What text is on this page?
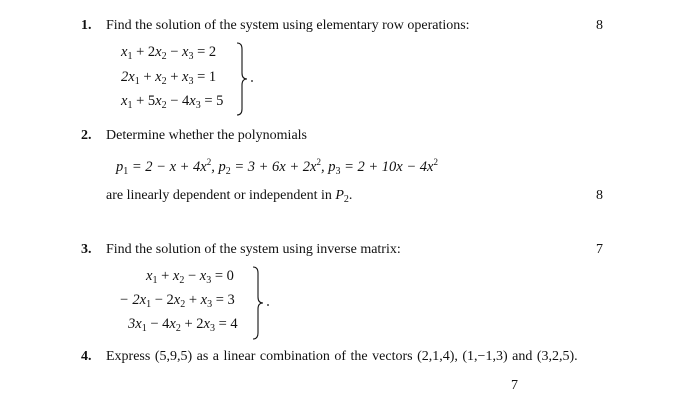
1. Find the solution of the system using elementary row operations:	8
$x_1 + 2x_2 - x_3 = 2$
$2x_1 + x_2 + x_3 = 1$
$x_1 + 5x_2 - 4x_3 = 5$
2. Determine whether the polynomials
$p_1 = 2 - x + 4x^2$, $p_2 = 3 + 6x + 2x^2$, $p_3 = 2 + 10x - 4x^2$
are linearly dependent or independent in $P_2$.	8
3. Find the solution of the system using inverse matrix:	7
$x_1 + x_2 - x_3 = 0$
− $2x_1 - 2x_2 + x_3 = 3$
$3x_1 - 4x_2 + 2x_3 = 4$
4. Express (5,9,5) as a linear combination of the vectors (2,1,4), (1,−1,3) and (3,2,5).
7
